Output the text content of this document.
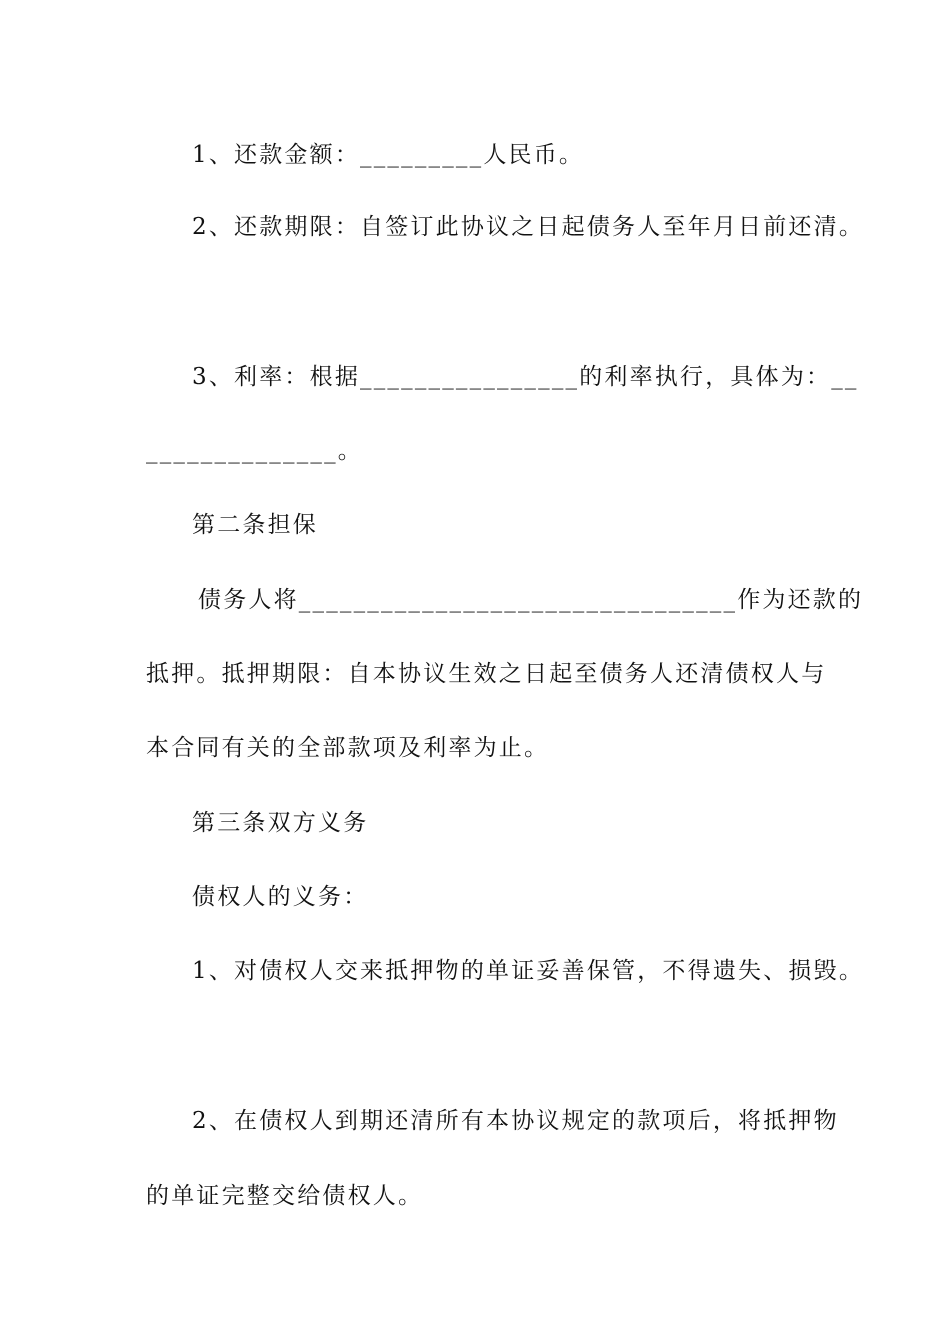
1、还款金额：_________人民币。
2、还款期限：自签订此协议之日起债务人至年月日前还清。
3、利率：根据________________的利率执行，具体为：__
______________。
第二条担保
债务人将________________________________作为还款的
抵押。抵押期限：自本协议生效之日起至债务人还清债权人与
本合同有关的全部款项及利率为止。
第三条双方义务
债权人的义务：
1、对债权人交来抵押物的单证妥善保管，不得遗失、损毁。
2、在债权人到期还清所有本协议规定的款项后，将抵押物
的单证完整交给债权人。
